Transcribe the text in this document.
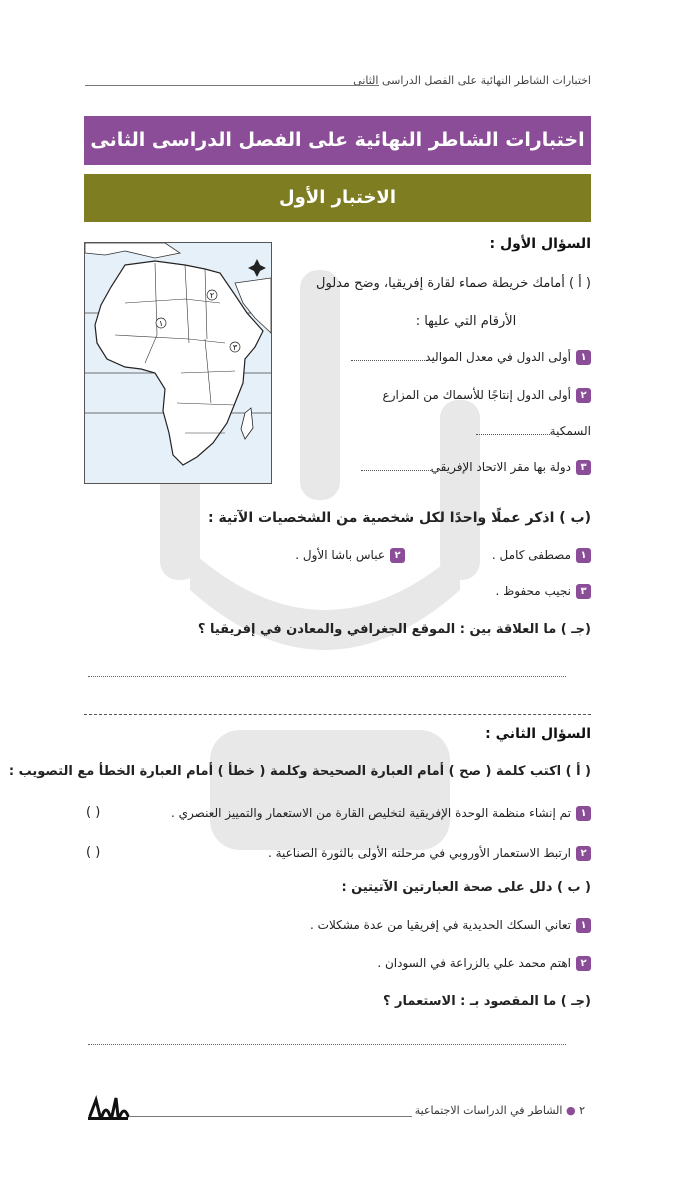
اختبارات الشاطر النهائية على الفصل الدراسى الثانى
اختبارات الشاطر النهائية على الفصل الدراسى الثانى
الاختبار الأول
٢
١
٣
السؤال الأول :
( أ ) أمامك خريطة صماء لقارة إفريقيا، وضح مدلول
الأرقام التي عليها :
١أولى الدول في معدل المواليد
٢أولى الدول إنتاجًا للأسماك من المزارع
السمكية
٣دولة بها مقر الاتحاد الإفريقي
(ب ) اذكر عملًا واحدًا لكل شخصية من الشخصيات الآتية :
١مصطفى كامل .
٢عباس باشا الأول .
٣نجيب محفوظ .
(جـ ) ما العلاقة بين : الموقع الجغرافي والمعادن في إفريقيا ؟
السؤال الثاني :
( أ ) اكتب كلمة ( صح ) أمام العبارة الصحيحة وكلمة ( خطأ ) أمام العبارة الخطأ مع التصويب :
١تم إنشاء منظمة الوحدة الإفريقية لتخليص القارة من الاستعمار والتمييز العنصري .
( )
٢ارتبط الاستعمار الأوروبي في مرحلته الأولى بالثورة الصناعية .
( )
( ب ) دلل على صحة العبارتين الآتيتين :
١تعاني السكك الحديدية في إفريقيا من عدة مشكلات .
٢اهتم محمد علي بالزراعة في السودان .
(جـ ) ما المقصود بـ : الاستعمار ؟
٢ ● الشاطر في الدراسات الاجتماعية
